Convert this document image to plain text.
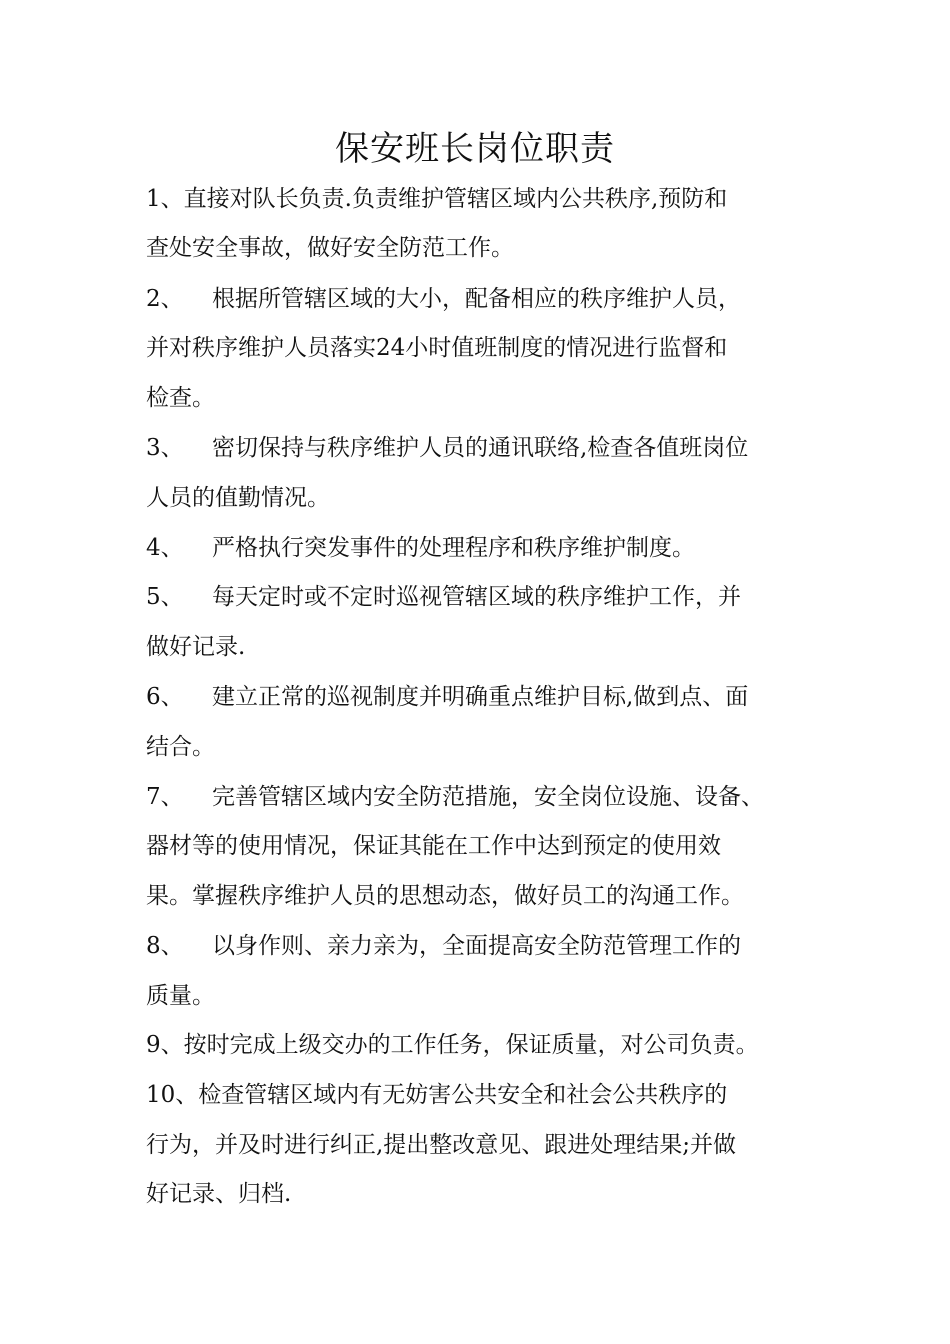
保安班长岗位职责

1、直接对队长负责.负责维护管辖区域内公共秩序,预防和

查处安全事故，做好安全防范工作。

2、 根据所管辖区域的大小，配备相应的秩序维护人员，

并对秩序维护人员落实24小时值班制度的情况进行监督和

检查。

3、 密切保持与秩序维护人员的通讯联络,检查各值班岗位

人员的值勤情况。

4、 严格执行突发事件的处理程序和秩序维护制度。

5、 每天定时或不定时巡视管辖区域的秩序维护工作，并

做好记录.

6、 建立正常的巡视制度并明确重点维护目标,做到点、面

结合。

7、 完善管辖区域内安全防范措施，安全岗位设施、设备、

器材等的使用情况，保证其能在工作中达到预定的使用效

果。掌握秩序维护人员的思想动态，做好员工的沟通工作。

8、 以身作则、亲力亲为，全面提高安全防范管理工作的

质量。

9、按时完成上级交办的工作任务，保证质量，对公司负责。

10、检查管辖区域内有无妨害公共安全和社会公共秩序的

行为，并及时进行纠正,提出整改意见、跟进处理结果;并做

好记录、归档.
